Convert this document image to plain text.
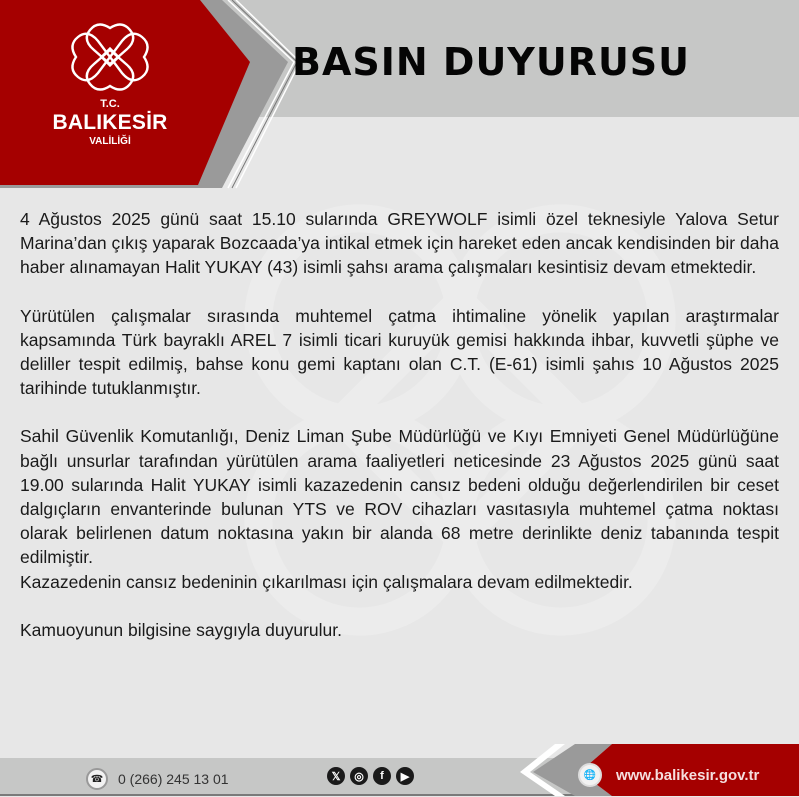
T.C.
BALIKESİR
VALİLİĞİ
BASIN DUYURUSU

4 Ağustos 2025 günü saat 15.10 sularında GREYWOLF isimli özel teknesiyle Yalova Setur Marina’dan çıkış yaparak Bozcaada’ya intikal etmek için hareket eden ancak kendisinden bir daha haber alınamayan Halit YUKAY (43) isimli şahsı arama çalışmaları kesintisiz devam etmektedir.

Yürütülen çalışmalar sırasında muhtemel çatma ihtimaline yönelik yapılan araştırmalar kapsamında Türk bayraklı AREL 7 isimli ticari kuruyük gemisi hakkında ihbar, kuvvetli şüphe ve deliller tespit edilmiş, bahse konu gemi kaptanı olan C.T. (E-61) isimli şahıs 10 Ağustos 2025 tarihinde tutuklanmıştır.

Sahil Güvenlik Komutanlığı, Deniz Liman Şube Müdürlüğü ve Kıyı Emniyeti Genel Müdürlüğüne bağlı unsurlar tarafından yürütülen arama faaliyetleri neticesinde 23 Ağustos 2025 günü saat 19.00 sularında Halit YUKAY isimli kazazedenin cansız bedeni olduğu değerlendirilen bir ceset dalgıçların envanterinde bulunan YTS ve ROV cihazları vasıtasıyla muhtemel çatma noktası olarak belirlenen datum noktasına yakın bir alanda 68 metre derinlikte deniz tabanında tespit edilmiştir.

Kazazedenin cansız bedeninin çıkarılması için çalışmalara devam edilmektedir.

Kamuoyunun bilgisine saygıyla duyurulur.

☎	0 (266) 245 13 01	𝕏	◎	f	▶	🌐	www.balikesir.gov.tr
